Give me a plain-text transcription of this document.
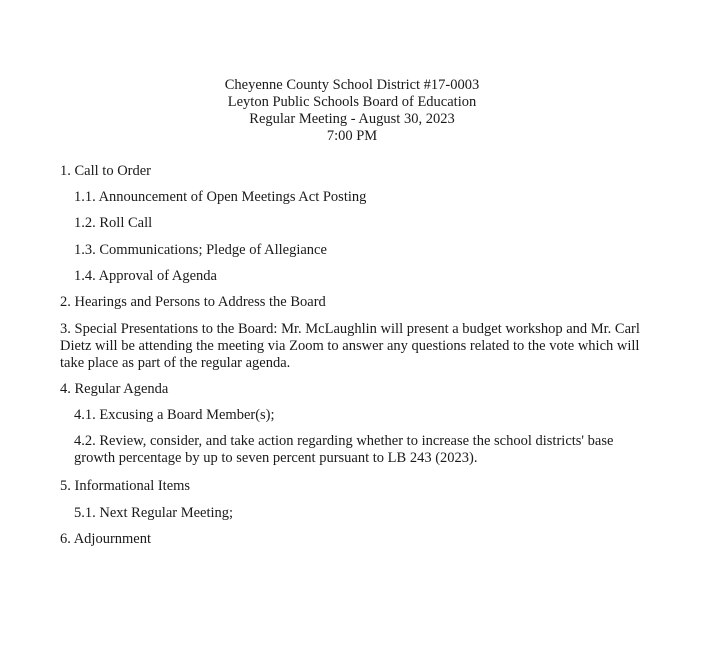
Cheyenne County School District #17-0003
Leyton Public Schools Board of Education
Regular Meeting - August 30, 2023
7:00 PM
1. Call to Order
1.1. Announcement of Open Meetings Act Posting
1.2. Roll Call
1.3. Communications; Pledge of Allegiance
1.4. Approval of Agenda
2. Hearings and Persons to Address the Board
3. Special Presentations to the Board: Mr. McLaughlin will present a budget workshop and Mr. Carl Dietz will be attending the meeting via Zoom to answer any questions related to the vote which will take place as part of the regular agenda.
4. Regular Agenda
4.1. Excusing a Board Member(s);
4.2. Review, consider, and take action regarding whether to increase the school districts' base growth percentage by up to seven percent pursuant to LB 243 (2023).
5. Informational Items
5.1. Next Regular Meeting;
6. Adjournment
